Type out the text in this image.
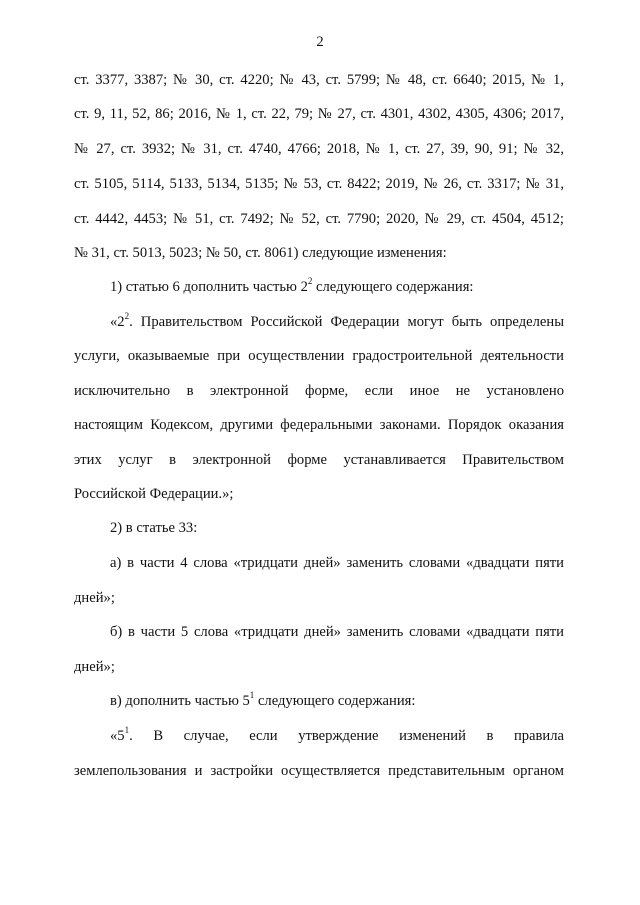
2
ст. 3377, 3387; № 30, ст. 4220; № 43, ст. 5799; № 48, ст. 6640; 2015, № 1,
ст. 9, 11, 52, 86; 2016, № 1, ст. 22, 79; № 27, ст. 4301, 4302, 4305, 4306; 2017,
№ 27, ст. 3932; № 31, ст. 4740, 4766; 2018, № 1, ст. 27, 39, 90, 91; № 32,
ст. 5105, 5114, 5133, 5134, 5135; № 53, ст. 8422; 2019, № 26, ст. 3317; № 31,
ст. 4442, 4453; № 51, ст. 7492; № 52, ст. 7790; 2020, № 29, ст. 4504, 4512;
№ 31, ст. 5013, 5023; № 50, ст. 8061) следующие изменения:
1) статью 6 дополнить частью $2^2$ следующего содержания:
«$2^2$. Правительством Российской Федерации могут быть определены
услуги, оказываемые при осуществлении градостроительной деятельности
исключительно в электронной форме, если иное не установлено
настоящим Кодексом, другими федеральными законами. Порядок оказания
этих услуг в электронной форме устанавливается Правительством
Российской Федерации.»;
2) в статье 33:
а) в части 4 слова «тридцати дней» заменить словами «двадцати пяти
дней»;
б) в части 5 слова «тридцати дней» заменить словами «двадцати пяти
дней»;
в) дополнить частью $5^1$ следующего содержания:
«$5^1$. В случае, если утверждение изменений в правила
землепользования и застройки осуществляется представительным органом
